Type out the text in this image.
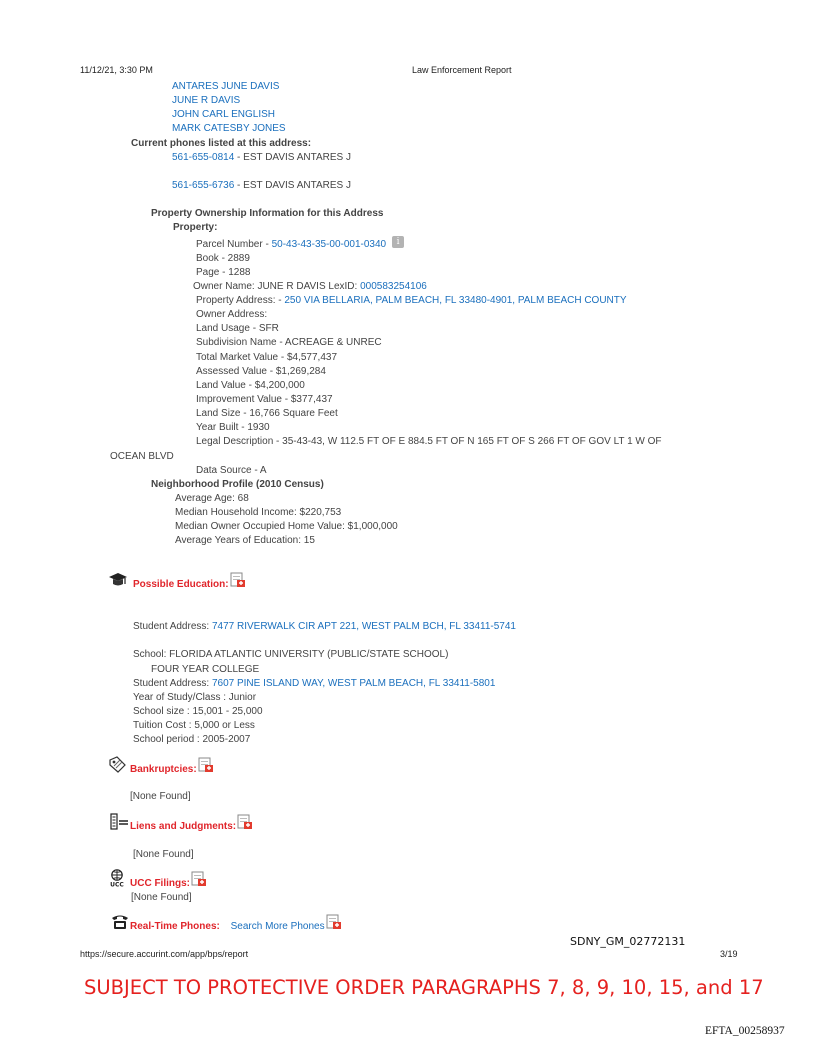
11/12/21, 3:30 PM	Law Enforcement Report
ANTARES JUNE DAVIS
JUNE R DAVIS
JOHN CARL ENGLISH
MARK CATESBY JONES
Current phones listed at this address:
561-655-0814 - EST DAVIS ANTARES J
561-655-6736 - EST DAVIS ANTARES J
Property Ownership Information for this Address
Property:
Parcel Number - 50-43-43-35-00-001-0340 i
Book - 2889
Page - 1288
Owner Name: JUNE R DAVIS LexID: 000583254106
Property Address: - 250 VIA BELLARIA, PALM BEACH, FL 33480-4901, PALM BEACH COUNTY
Owner Address:
Land Usage - SFR
Subdivision Name - ACREAGE & UNREC
Total Market Value - $4,577,437
Assessed Value - $1,269,284
Land Value - $4,200,000
Improvement Value - $377,437
Land Size - 16,766 Square Feet
Year Built - 1930
Legal Description - 35-43-43, W 112.5 FT OF E 884.5 FT OF N 165 FT OF S 266 FT OF GOV LT 1 W OF
OCEAN BLVD
Data Source - A
Neighborhood Profile (2010 Census)
Average Age: 68
Median Household Income: $220,753
Median Owner Occupied Home Value: $1,000,000
Average Years of Education: 15
Possible Education:
Student Address: 7477 RIVERWALK CIR APT 221, WEST PALM BCH, FL 33411-5741
School: FLORIDA ATLANTIC UNIVERSITY (PUBLIC/STATE SCHOOL)
FOUR YEAR COLLEGE
Student Address: 7607 PINE ISLAND WAY, WEST PALM BEACH, FL 33411-5801
Year of Study/Class : Junior
School size : 15,001 - 25,000
Tuition Cost : 5,000 or Less
School period : 2005-2007
Bankruptcies:
[None Found]
Liens and Judgments:
[None Found]
UCC UCC Filings:
[None Found]
Real-Time Phones: Search More Phones
SDNY_GM_02772131
https://secure.accurint.com/app/bps/report	3/19
SUBJECT TO PROTECTIVE ORDER PARAGRAPHS 7, 8, 9, 10, 15, and 17
EFTA_00258937
